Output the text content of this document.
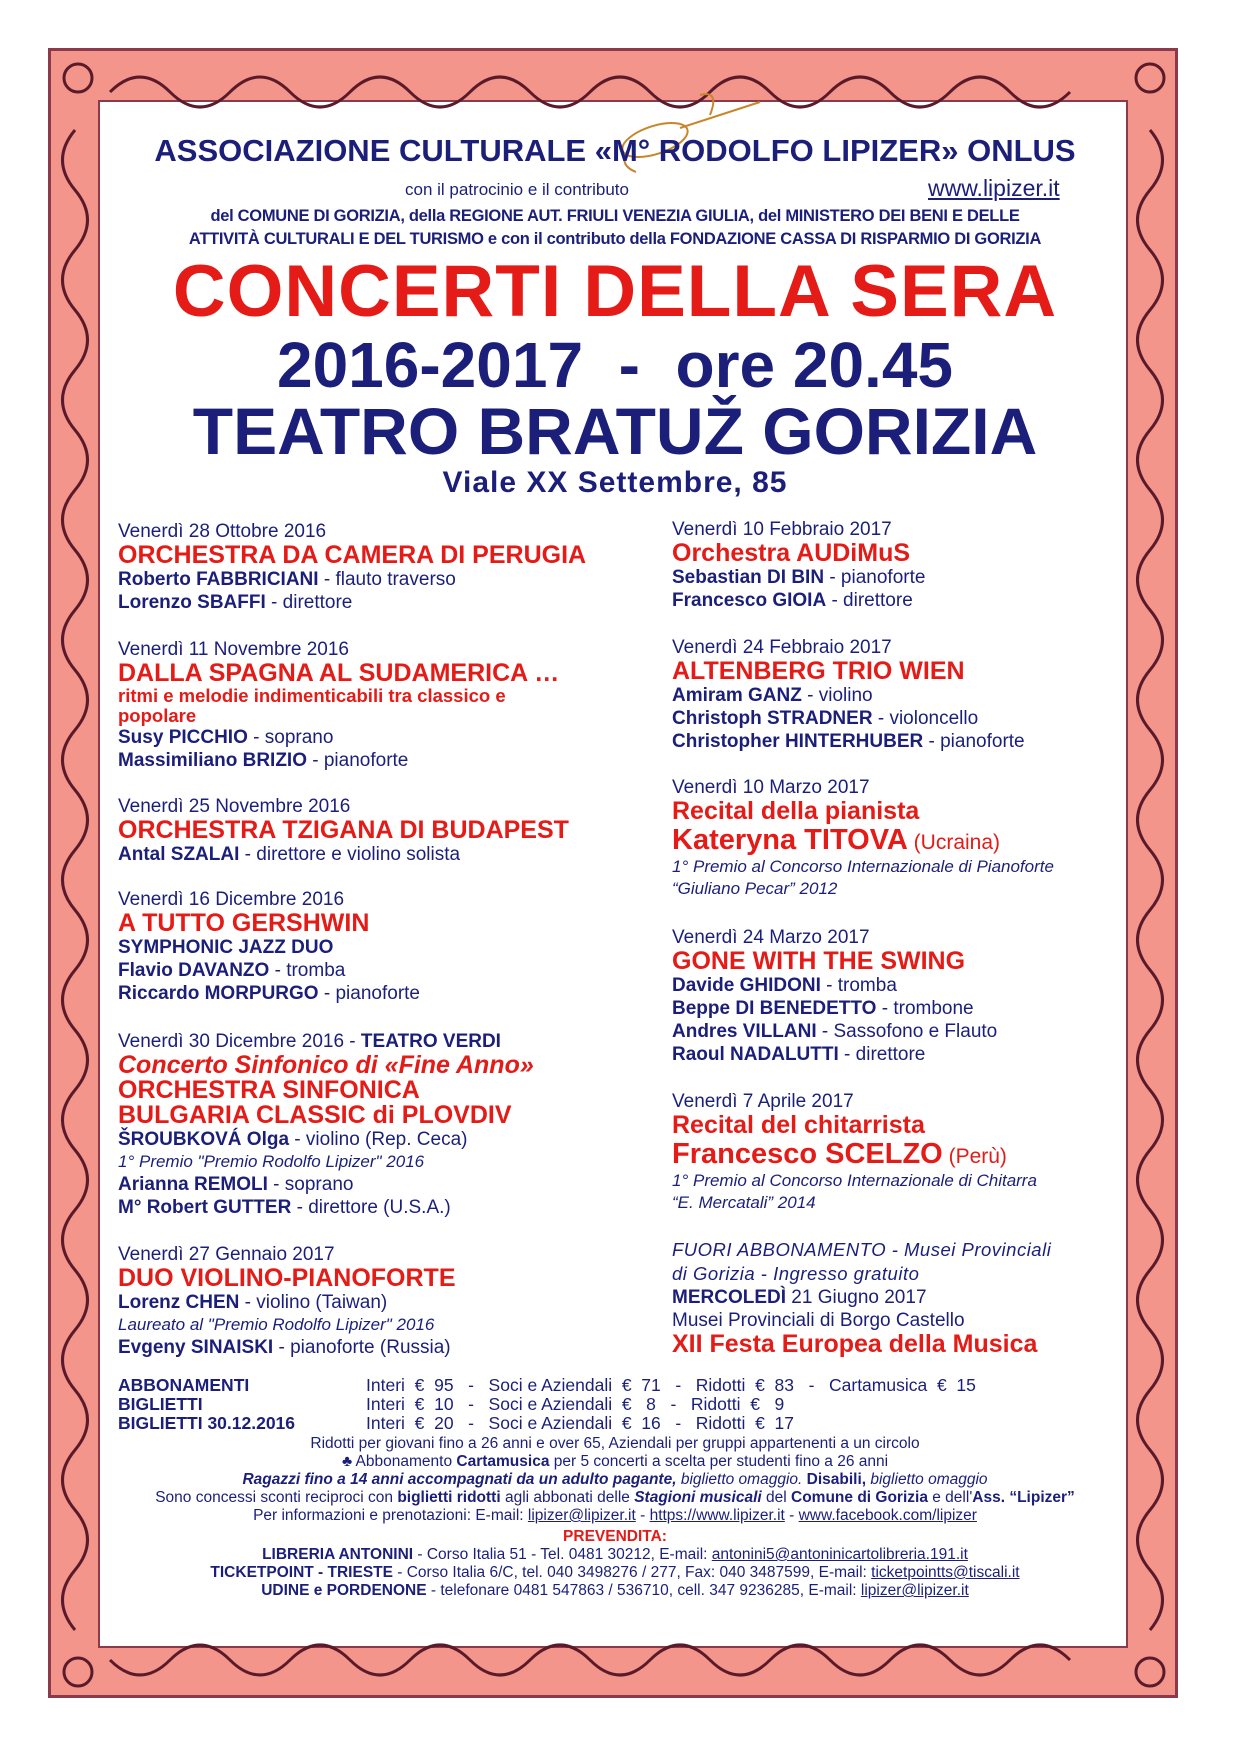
ASSOCIAZIONE CULTURALE «M° RODOLFO LIPIZER» ONLUS
con il patrocinio e il contributo	www.lipizer.it
del COMUNE DI GORIZIA, della REGIONE AUT. FRIULI VENEZIA GIULIA, del MINISTERO DEI BENI E DELLE
ATTIVITÀ CULTURALI E DEL TURISMO e con il contributo della FONDAZIONE CASSA DI RISPARMIO DI GORIZIA
CONCERTI DELLA SERA
2016-2017  -  ore 20.45
TEATRO BRATUŽ GORIZIA
Viale XX Settembre, 85
Venerdì 28 Ottobre 2016
ORCHESTRA DA CAMERA DI PERUGIA
Roberto FABBRICIANI - flauto traverso
Lorenzo SBAFFI - direttore
Venerdì 11 Novembre 2016
DALLA SPAGNA AL SUDAMERICA …
ritmi e melodie indimenticabili tra classico e popolare
Susy PICCHIO - soprano
Massimiliano BRIZIO - pianoforte
Venerdì 25 Novembre 2016
ORCHESTRA TZIGANA DI BUDAPEST
Antal SZALAI - direttore e violino solista
Venerdì 16 Dicembre 2016
A TUTTO GERSHWIN
SYMPHONIC JAZZ DUO
Flavio DAVANZO - tromba
Riccardo MORPURGO - pianoforte
Venerdì 30 Dicembre 2016 - TEATRO VERDI
Concerto Sinfonico di «Fine Anno»
ORCHESTRA SINFONICA
BULGARIA CLASSIC di PLOVDIV
ŠROUBKOVÁ Olga - violino (Rep. Ceca)
1° Premio "Premio Rodolfo Lipizer" 2016
Arianna REMOLI - soprano
M° Robert GUTTER - direttore (U.S.A.)
Venerdì 27 Gennaio 2017
DUO VIOLINO-PIANOFORTE
Lorenz CHEN - violino (Taiwan)
Laureato al "Premio Rodolfo Lipizer" 2016
Evgeny SINAISKI - pianoforte (Russia)
Venerdì 10 Febbraio 2017
Orchestra AUDiMuS
Sebastian DI BIN - pianoforte
Francesco GIOIA - direttore
Venerdì 24 Febbraio 2017
ALTENBERG TRIO WIEN
Amiram GANZ - violino
Christoph STRADNER - violoncello
Christopher HINTERHUBER - pianoforte
Venerdì 10 Marzo 2017
Recital della pianista
Kateryna TITOVA (Ucraina)
1° Premio al Concorso Internazionale di Pianoforte
“Giuliano Pecar” 2012
Venerdì 24 Marzo 2017
GONE WITH THE SWING
Davide GHIDONI - tromba
Beppe DI BENEDETTO - trombone
Andres VILLANI - Sassofono e Flauto
Raoul NADALUTTI - direttore
Venerdì 7 Aprile 2017
Recital del chitarrista
Francesco SCELZO (Perù)
1° Premio al Concorso Internazionale di Chitarra
“E. Mercatali” 2014
FUORI ABBONAMENTO - Musei Provinciali
di Gorizia - Ingresso gratuito
MERCOLEDÌ 21 Giugno 2017
Musei Provinciali di Borgo Castello
XII Festa Europea della Musica
ABBONAMENTI	Interi  €  95   -   Soci e Aziendali  €  71   -   Ridotti  €  83   -   Cartamusica  €  15
BIGLIETTI	Interi  €  10   -   Soci e Aziendali  €   8   -   Ridotti  €   9
BIGLIETTI 30.12.2016	Interi  €  20   -   Soci e Aziendali  €  16   -   Ridotti  €  17
Ridotti per giovani fino a 26 anni e over 65, Aziendali per gruppi appartenenti a un circolo
♣ Abbonamento Cartamusica per 5 concerti a scelta per studenti fino a 26 anni
Ragazzi fino a 14 anni accompagnati da un adulto pagante, biglietto omaggio. Disabili, biglietto omaggio
Sono concessi sconti reciproci con biglietti ridotti agli abbonati delle Stagioni musicali del Comune di Gorizia e dell'Ass. “Lipizer”
Per informazioni e prenotazioni: E-mail: lipizer@lipizer.it - https://www.lipizer.it - www.facebook.com/lipizer
PREVENDITA:
LIBRERIA ANTONINI - Corso Italia 51 - Tel. 0481 30212, E-mail: antonini5@antoninicartolibreria.191.it
TICKETPOINT - TRIESTE - Corso Italia 6/C, tel. 040 3498276 / 277, Fax: 040 3487599, E-mail: ticketpointts@tiscali.it
UDINE e PORDENONE - telefonare 0481 547863 / 536710, cell. 347 9236285, E-mail: lipizer@lipizer.it
